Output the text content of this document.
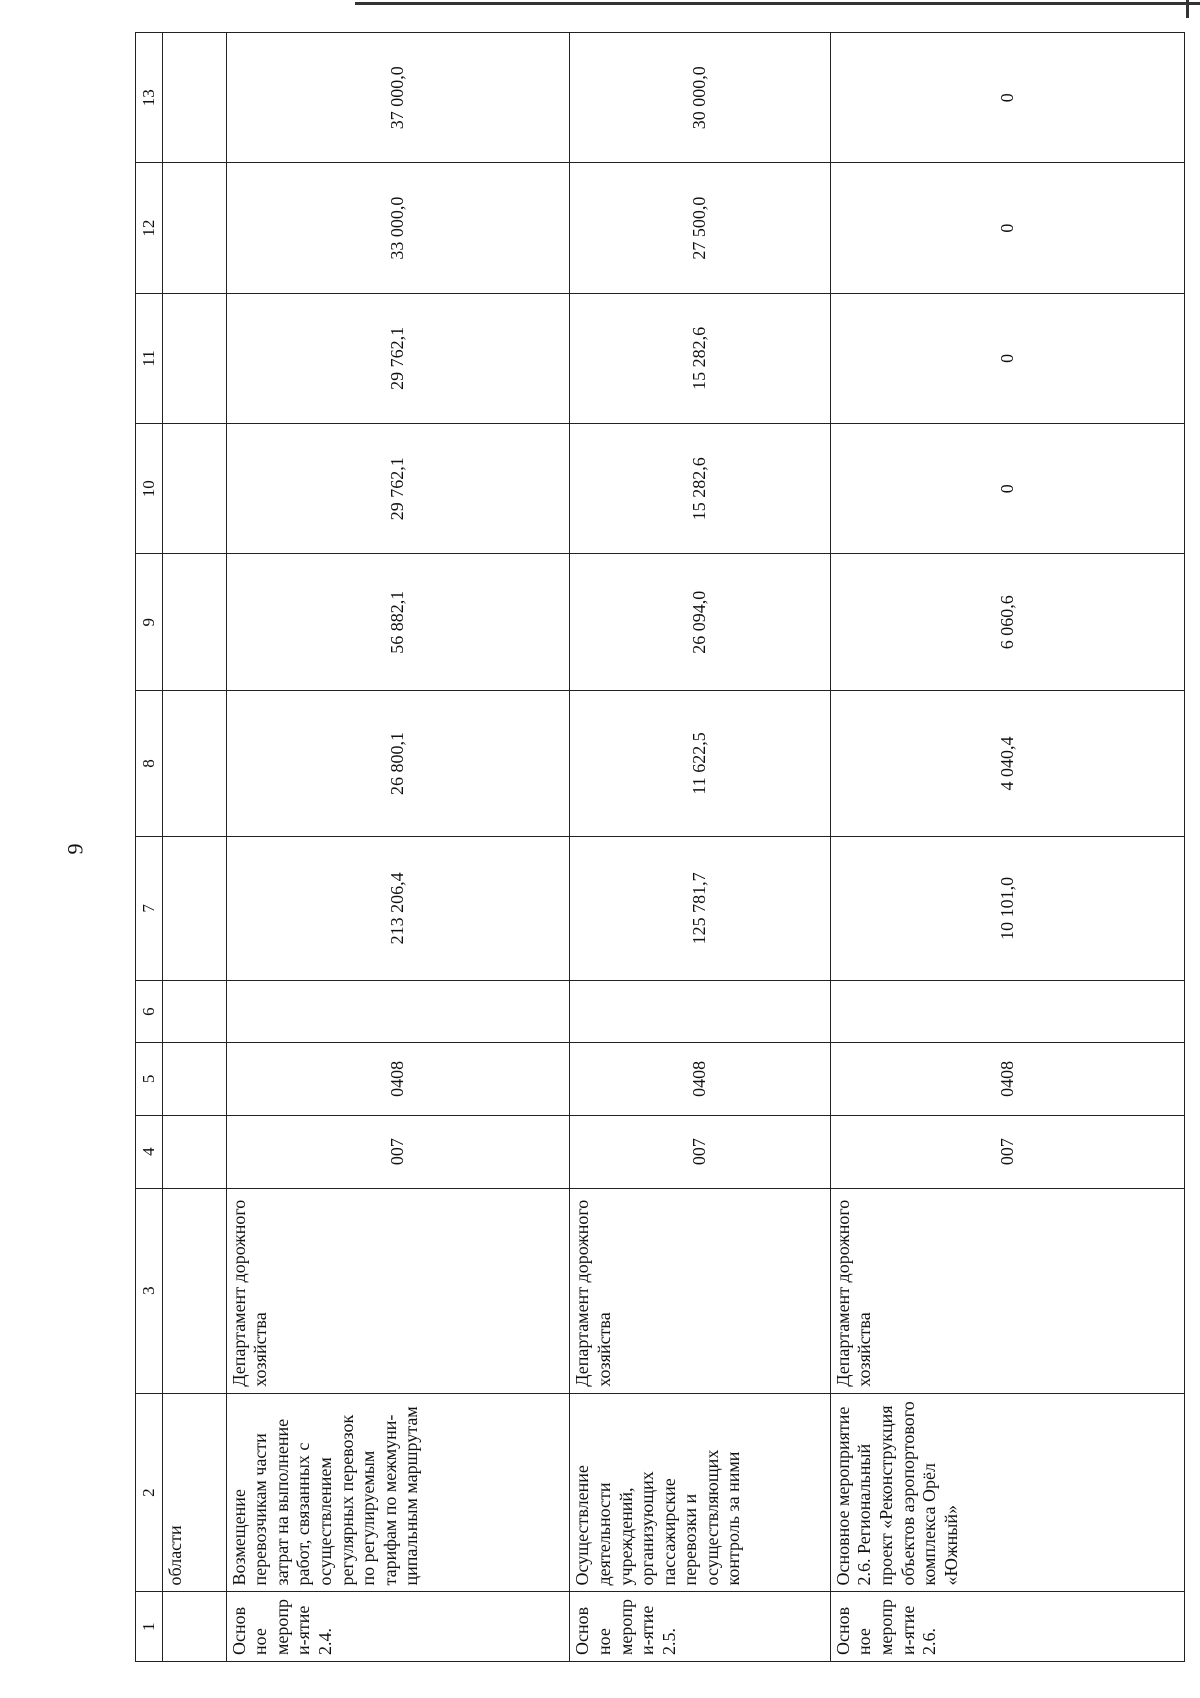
9
1	2	3	4	5	6	7	8	9	10	11	12	13
	области											
Основное меропри-ятие 2.4.	Возмещение перевозчикам части затрат на выполнение работ, связанных с осуществлением регулярных перевозок по регулируемым тарифам по межмуни-ципальным маршрутам	Департамент дорожного хозяйства	007	0408		213 206,4	26 800,1	56 882,1	29 762,1	29 762,1	33 000,0	37 000,0
Основное меропри-ятие 2.5.	Осуществление деятельности учреждений, организующих пассажирские перевозки и осуществляющих контроль за ними	Департамент дорожного хозяйства	007	0408		125 781,7	11 622,5	26 094,0	15 282,6	15 282,6	27 500,0	30 000,0
Основное меропри-ятие 2.6.	Основное мероприятие 2.6. Региональный проект «Реконструкция объектов аэропортового комплекса Орёл «Южный»	Департамент дорожного хозяйства	007	0408		10 101,0	4 040,4	6 060,6	0	0	0	0
